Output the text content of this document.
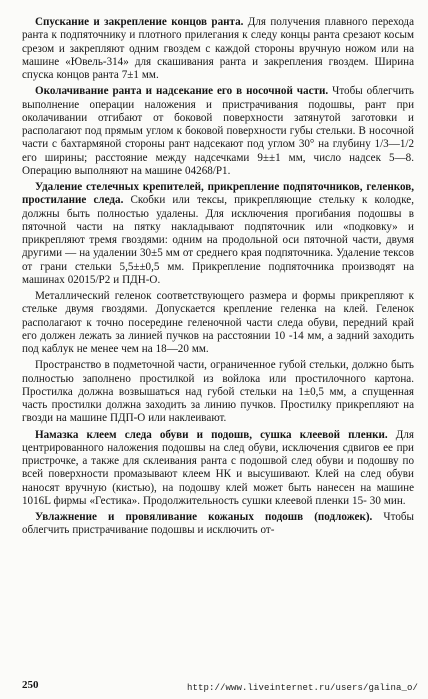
Спускание и закрепление концов ранта. Для получения плавного перехода ранта к подпяточнику и плотного прилегания к следу концы ранта срезают косым срезом и закрепляют одним гвоздем с каждой стороны вручную ножом или на машине «Ювель-314» для скашивания ранта и закрепления гвоздем. Ширина спуска концов ранта 7±1 мм.

Околачивание ранта и надсекание его в носочной части. Чтобы облегчить выполнение операции наложения и пристрачивания подошвы, рант при околачивании отгибают от боковой поверхности затянутой заготовки и располагают под прямым углом к боковой поверхности губы стельки. В носочной части с бахтармяной стороны рант надсекают под углом 30° на глубину 1/3—1/2 его ширины; расстояние между надсечками 9±±1 мм, число надсек 5—8. Операцию выполняют на машине 04268/Р1.

Удаление стелечных крепителей, прикрепление подпяточников, геленков, простилание следа. Скобки или тексы, прикрепляющие стельку к колодке, должны быть полностью удалены. Для исключения прогибания подошвы в пяточной части на пятку накладывают подпяточник или «подковку» и прикрепляют тремя гвоздями: одним на продольной оси пяточной части, двумя другими — на удалении 30±5 мм от среднего края подпяточника. Удаление тексов от грани стельки 5,5±±0,5 мм. Прикрепление подпяточника производят на машинах 02015/Р2 и ПДН-О.

Металлический геленок соответствующего размера и формы прикрепляют к стельке двумя гвоздями. Допускается крепление геленка на клей. Геленок располагают к точно посередине геленочной части следа обуви, передний край его должен лежать за линией пучков на расстоянии 10 -14 мм, а задний заходить под каблук не менее чем на 18—20 мм.

Пространство в подметочной части, ограниченное губой стельки, должно быть полностью заполнено простилкой из войлока или простилочного картона. Простилка должна возвышаться над губой стельки на 1±0,5 мм, а спущенная часть простилки должна заходить за линию пучков. Простилку прикрепляют на гвозди на машине ПДП-О или наклеивают.

Намазка клеем следа обуви и подошв, сушка клеевой пленки. Для центрированного наложения подошвы на след обуви, исключения сдвигов ее при пристрочке, а также для склеивания ранта с подошвой след обуви и подошву по всей поверхности промазывают клеем НК и высушивают. Клей на след обуви наносят вручную (кистью), на подошву клей может быть нанесен на машине 1016L фирмы «Гестика». Продолжительность сушки клеевой пленки 15- 30 мин.

Увлажнение и провяливание кожаных подошв (подложек). Чтобы облегчить пристрачивание подошвы и исключить от-

250	http://www.liveinternet.ru/users/galina_o/
